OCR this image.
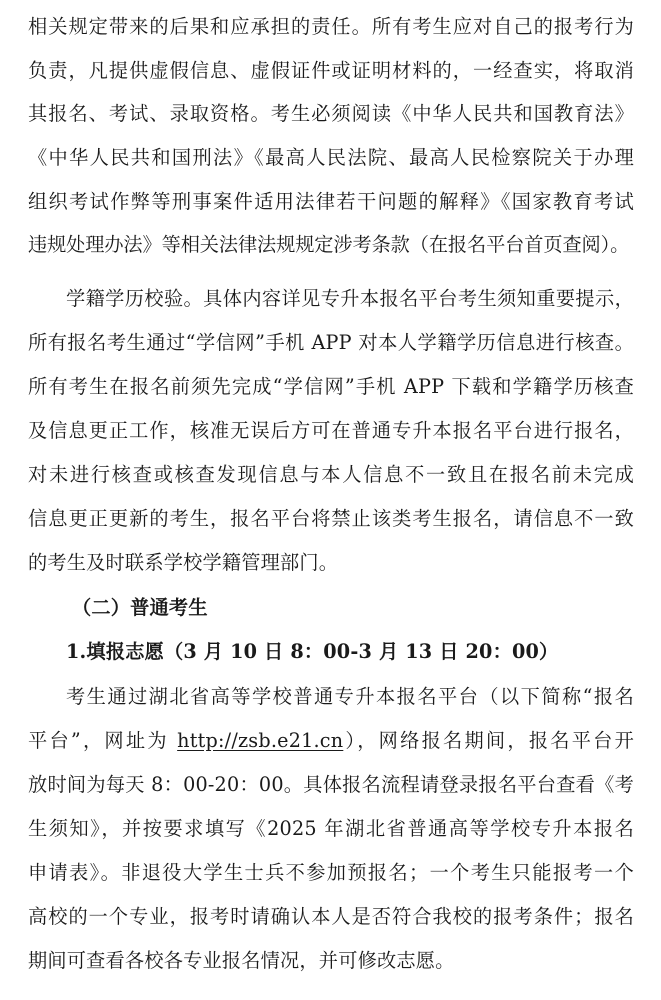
相关规定带来的后果和应承担的责任。所有考生应对自己的报考行为
负责，凡提供虚假信息、虚假证件或证明材料的，一经查实，将取消
其报名、考试、录取资格。考生必须阅读《中华人民共和国教育法》
《中华人民共和国刑法》《最高人民法院、最高人民检察院关于办理
组织考试作弊等刑事案件适用法律若干问题的解释》《国家教育考试
违规处理办法》等相关法律法规规定涉考条款（在报名平台首页查阅）。
学籍学历校验。具体内容详见专升本报名平台考生须知重要提示，
所有报名考生通过“学信网”手机 APP 对本人学籍学历信息进行核查。
所有考生在报名前须先完成“学信网”手机 APP 下载和学籍学历核查
及信息更正工作，核准无误后方可在普通专升本报名平台进行报名，
对未进行核查或核查发现信息与本人信息不一致且在报名前未完成
信息更正更新的考生，报名平台将禁止该类考生报名，请信息不一致
的考生及时联系学校学籍管理部门。
（二）普通考生
1.填报志愿（3 月 10 日 8：00-3 月 13 日 20：00）
考生通过湖北省高等学校普通专升本报名平台（以下简称“报名
平台”，网址为 http://zsb.e21.cn），网络报名期间，报名平台开
放时间为每天 8：00-20：00。具体报名流程请登录报名平台查看《考
生须知》，并按要求填写《2025 年湖北省普通高等学校专升本报名
申请表》。非退役大学生士兵不参加预报名；一个考生只能报考一个
高校的一个专业，报考时请确认本人是否符合我校的报考条件；报名
期间可查看各校各专业报名情况，并可修改志愿。
